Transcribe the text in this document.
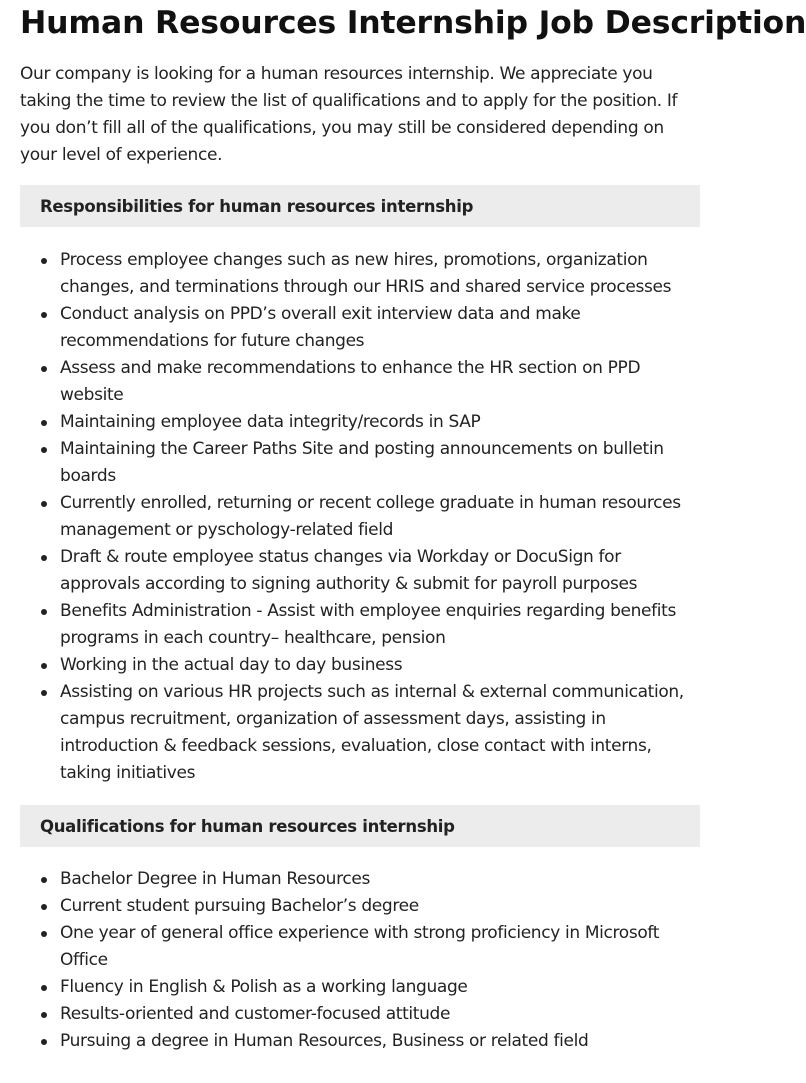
Human Resources Internship Job Description

Our company is looking for a human resources internship. We appreciate you taking the time to review the list of qualifications and to apply for the position. If you don’t fill all of the qualifications, you may still be considered depending on your level of experience.

Responsibilities for human resources internship
Process employee changes such as new hires, promotions, organization changes, and terminations through our HRIS and shared service processes
Conduct analysis on PPD’s overall exit interview data and make recommendations for future changes
Assess and make recommendations to enhance the HR section on PPD website
Maintaining employee data integrity/records in SAP
Maintaining the Career Paths Site and posting announcements on bulletin boards
Currently enrolled, returning or recent college graduate in human resources management or pyschology-related field
Draft & route employee status changes via Workday or DocuSign for approvals according to signing authority & submit for payroll purposes
Benefits Administration - Assist with employee enquiries regarding benefits programs in each country– healthcare, pension
Working in the actual day to day business
Assisting on various HR projects such as internal & external communication, campus recruitment, organization of assessment days, assisting in introduction & feedback sessions, evaluation, close contact with interns, taking initiatives
Qualifications for human resources internship
Bachelor Degree in Human Resources
Current student pursuing Bachelor’s degree
One year of general office experience with strong proficiency in Microsoft Office
Fluency in English & Polish as a working language
Results-oriented and customer-focused attitude
Pursuing a degree in Human Resources, Business or related field
